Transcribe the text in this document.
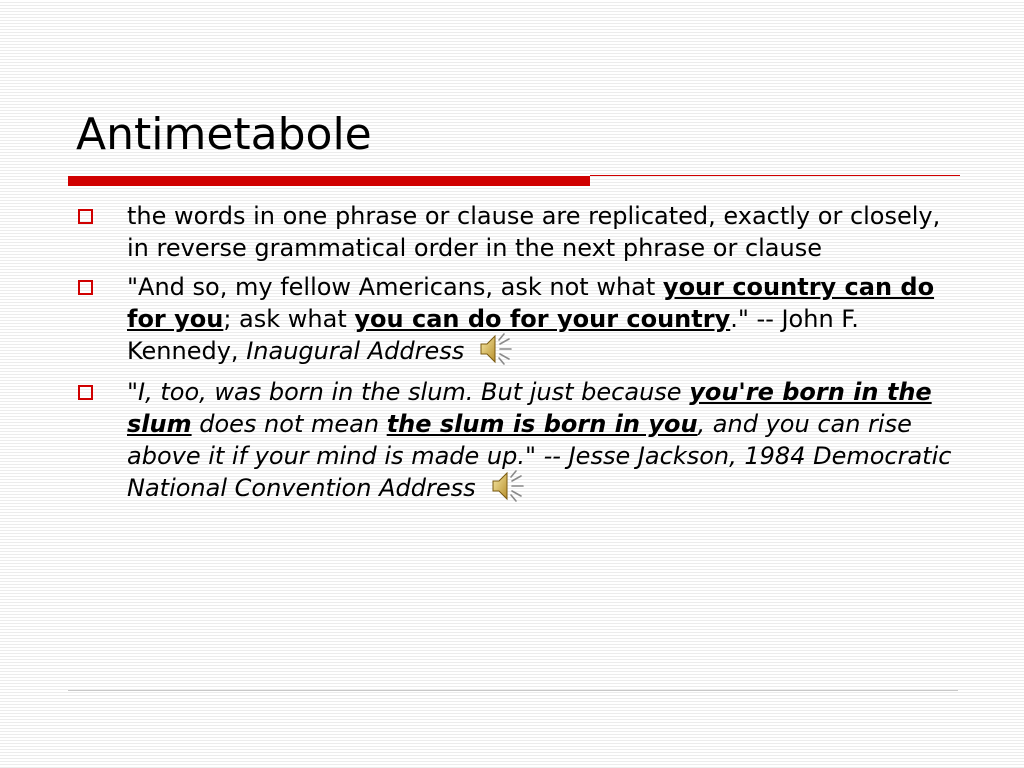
Antimetabole
the words in one phrase or clause are replicated, exactly or closely, in reverse grammatical order in the next phrase or clause
"And so, my fellow Americans, ask not what your country can do for you; ask what you can do for your country." -- John F. Kennedy, Inaugural Address
"I, too, was born in the slum. But just because you're born in the slum does not mean the slum is born in you, and you can rise above it if your mind is made up." -- Jesse Jackson, 1984 Democratic National Convention Address
